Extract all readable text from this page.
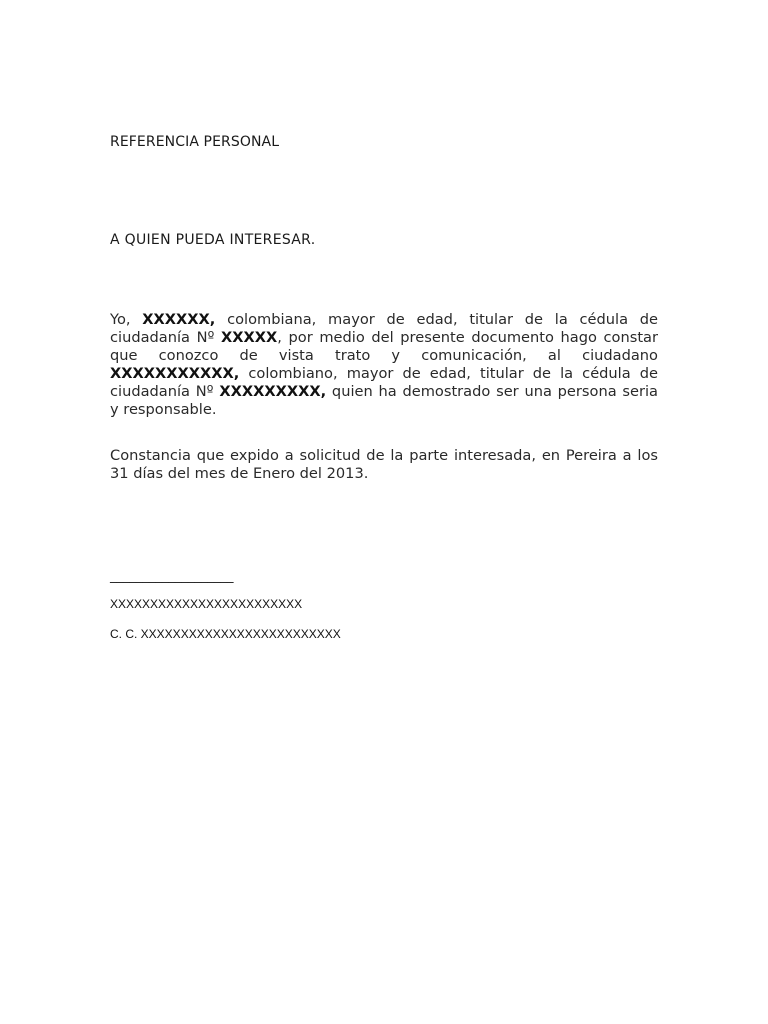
REFERENCIA PERSONAL
A QUIEN PUEDA INTERESAR.
Yo, XXXXXX, colombiana, mayor de edad, titular de la cédula de ciudadanía Nº XXXXX, por medio del presente documento hago constar que conozco de vista trato y comunicación, al ciudadano XXXXXXXXXXX, colombiano, mayor de edad, titular de la cédula de ciudadanía Nº XXXXXXXXX, quien ha demostrado ser una persona seria y responsable.
Constancia que expido a solicitud de la parte interesada, en Pereira a los 31 días del mes de Enero del 2013.
___________________
XXXXXXXXXXXXXXXXXXXXXXXX
C. C. XXXXXXXXXXXXXXXXXXXXXXXXX
